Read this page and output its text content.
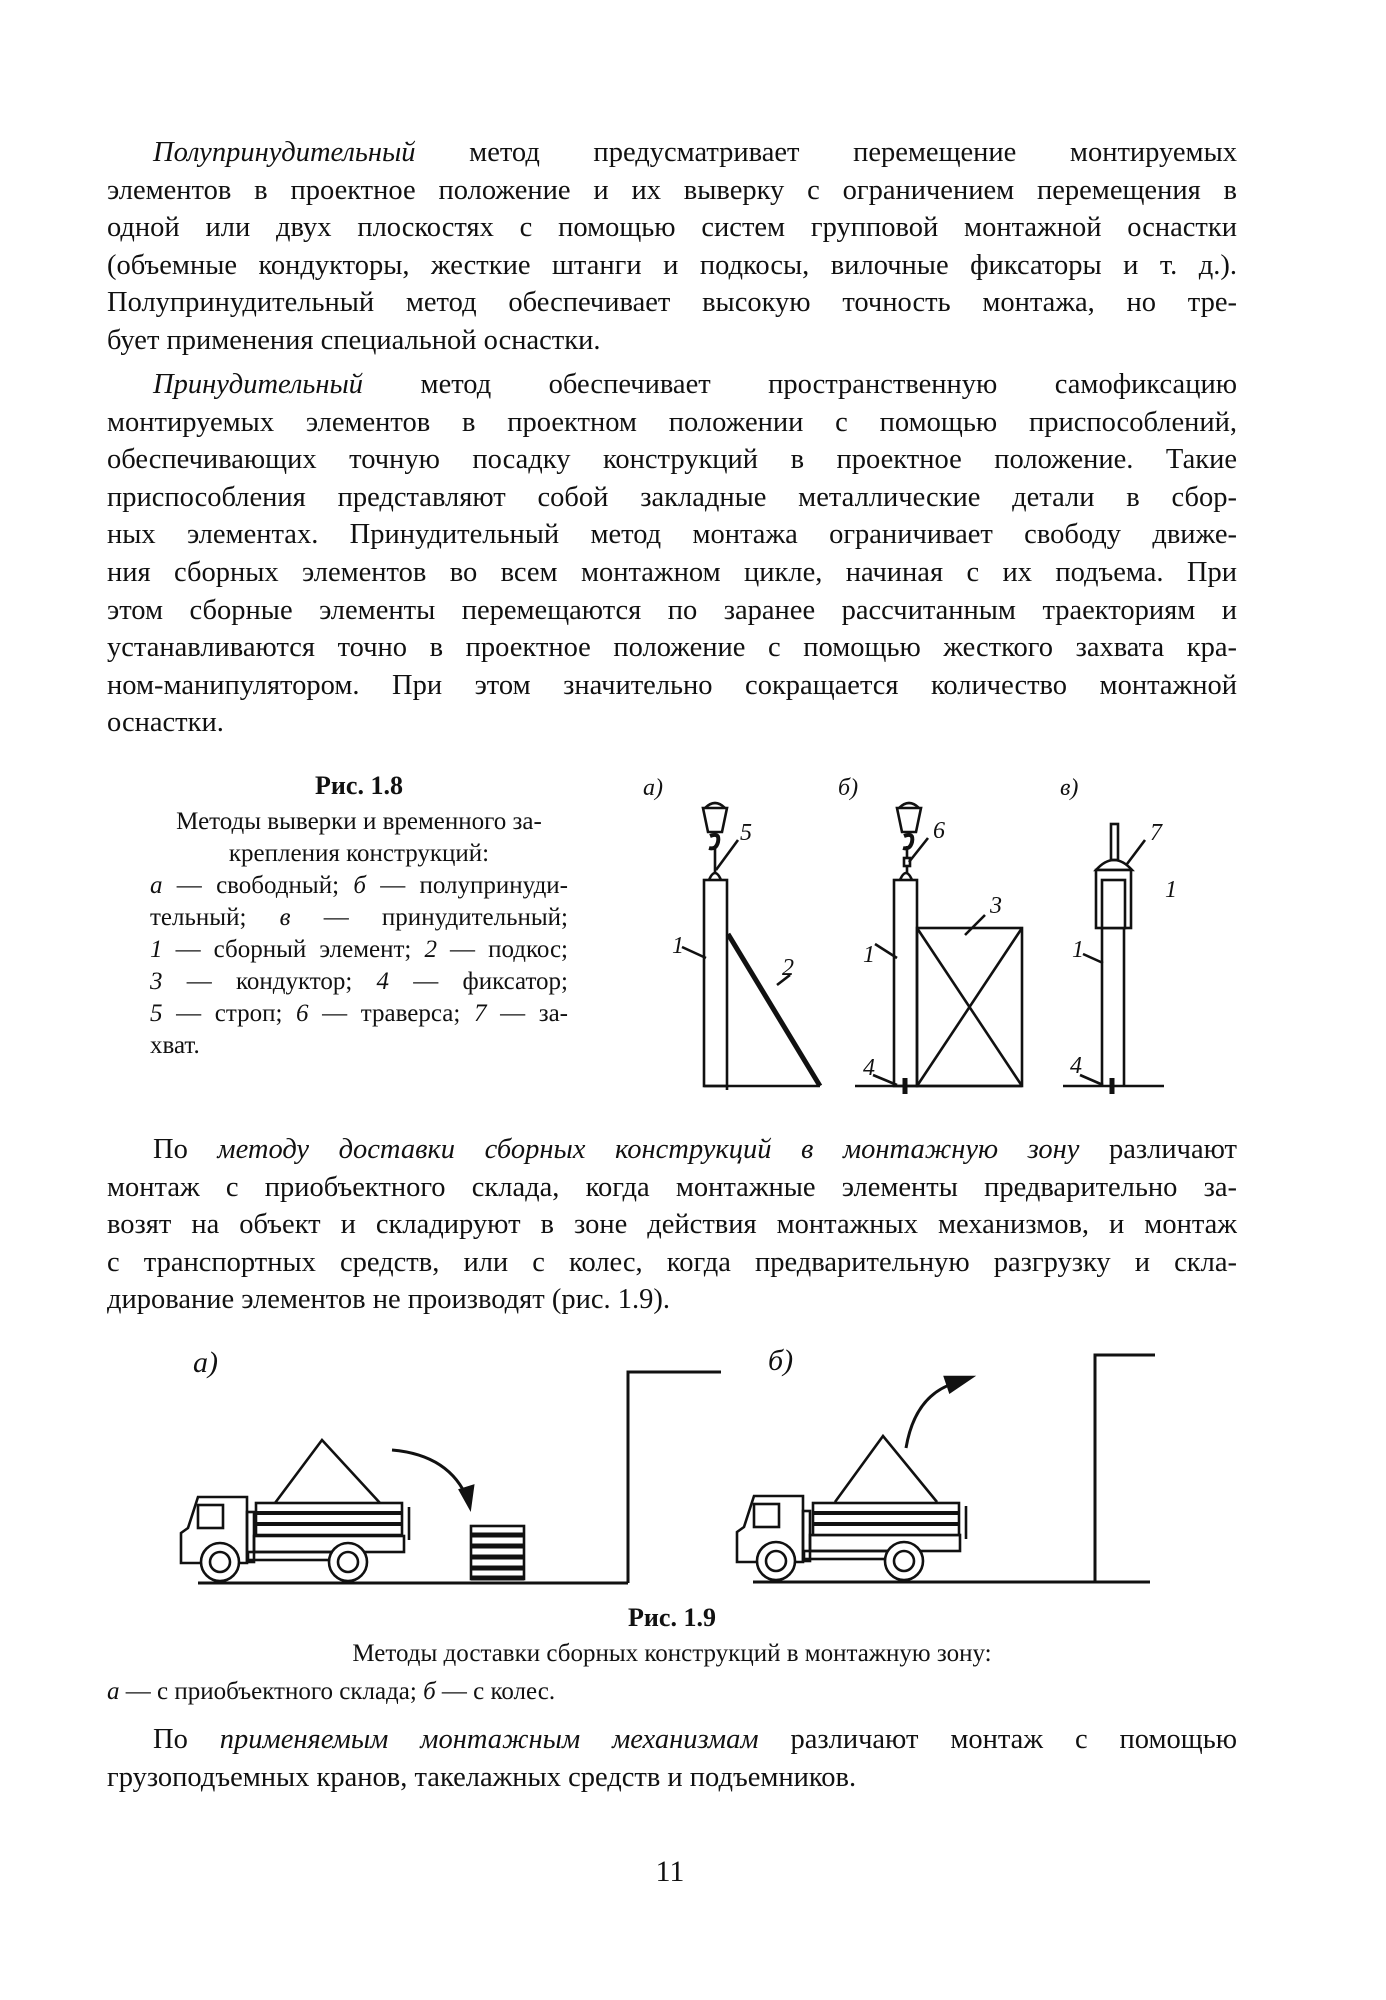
Полупринудительный метод предусматривает перемещение монтируемых
элементов в проектное положение и их выверку с ограничением перемещения в
одной или двух плоскостях с помощью систем групповой монтажной оснастки
(объемные кондукторы, жесткие штанги и подкосы, вилочные фиксаторы и т. д.).
Полупринудительный метод обеспечивает высокую точность монтажа, но тре-
бует применения специальной оснастки.
Принудительный метод обеспечивает пространственную самофиксацию
монтируемых элементов в проектном положении с помощью приспособлений,
обеспечивающих точную посадку конструкций в проектное положение. Такие
приспособления представляют собой закладные металлические детали в сбор-
ных элементах. Принудительный метод монтажа ограничивает свободу движе-
ния сборных элементов во всем монтажном цикле, начиная с их подъема. При
этом сборные элементы перемещаются по заранее рассчитанным траекториям и
устанавливаются точно в проектное положение с помощью жесткого захвата кра-
ном-манипулятором. При этом значительно сокращается количество монтажной
оснастки.
По методу доставки сборных конструкций в монтажную зону различают
монтаж с приобъектного склада, когда монтажные элементы предварительно за-
возят на объект и складируют в зоне действия монтажных механизмов, и монтаж
с транспортных средств, или с колес, когда предварительную разгрузку и скла-
дирование элементов не производят (рис. 1.9).
По применяемым монтажным механизмам различают монтаж с помощью
грузоподъемных кранов, такелажных средств и подъемников.
Рис. 1.8
Методы выверки и временного за-
крепления конструкций:
а — свободный; б — полупринуди-
тельный; в — принудительный;
1 — сборный элемент; 2 — подкос;
3 — кондуктор; 4 — фиксатор;
5 — строп; 6 — траверса; 7 — за-
хват.
а)	б)	в)
5	6	7
1
1
2	1
3
1
4	4
а)	б)
Рис. 1.9
Методы доставки сборных конструкций в монтажную зону:
а — с приобъектного склада; б — с колес.
11
